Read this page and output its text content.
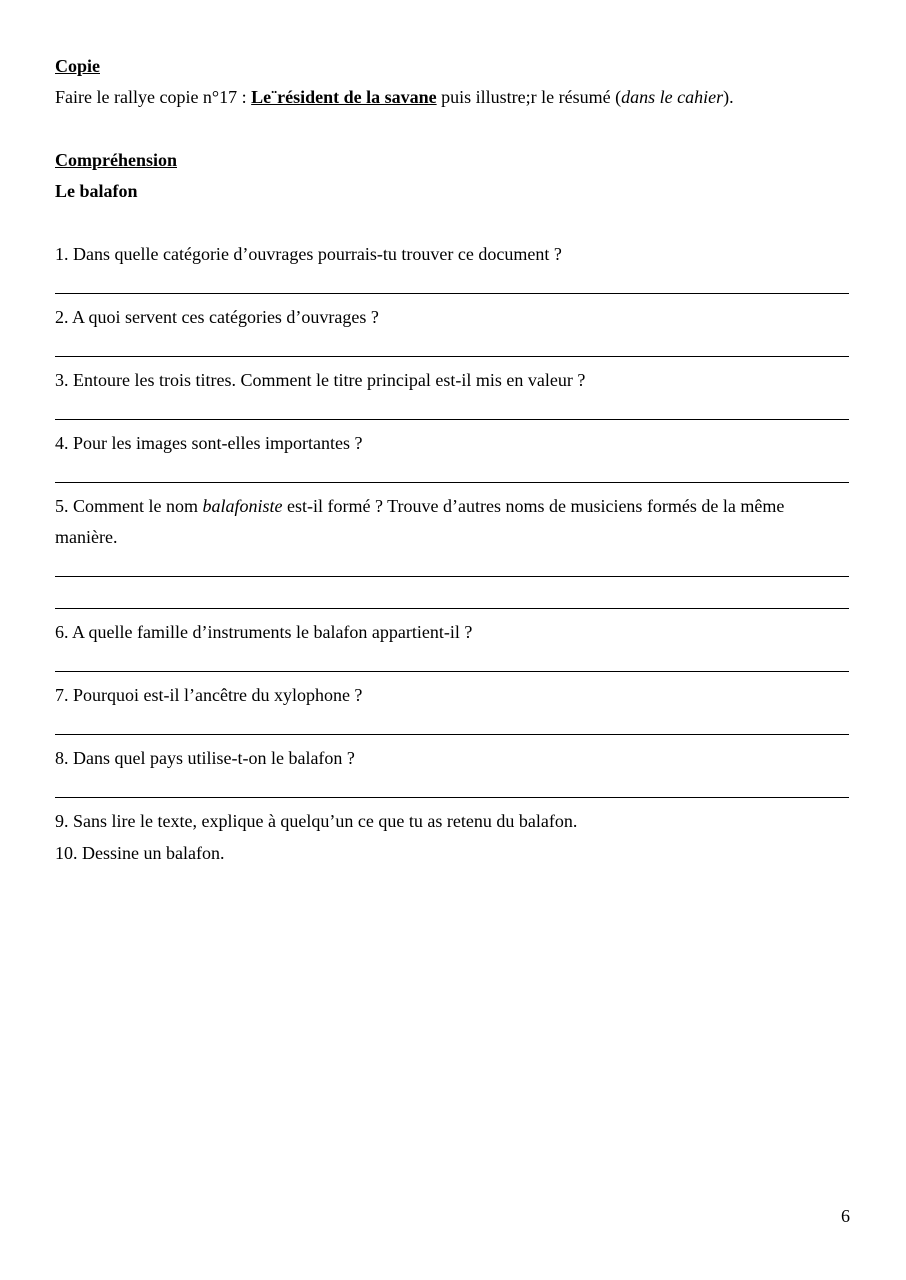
Copie
Faire le rallye copie n°17 : Le¨résident de la savane puis illustre;r le résumé (dans le cahier).
Compréhension
Le balafon
1. Dans quelle catégorie d’ouvrages pourrais-tu trouver ce document ?
2. A quoi servent ces catégories d’ouvrages ?
3. Entoure les trois titres. Comment le titre principal est-il mis en valeur ?
4. Pour les images sont-elles importantes ?
5. Comment le nom balafoniste est-il formé ? Trouve d’autres noms de musiciens formés de la même
manière.
6. A quelle famille d’instruments le balafon appartient-il ?
7. Pourquoi est-il l’ancêtre du xylophone ?
8. Dans quel pays utilise-t-on le balafon ?
9. Sans lire le texte, explique à quelqu’un ce que tu as retenu du balafon.
10. Dessine un balafon.
6
